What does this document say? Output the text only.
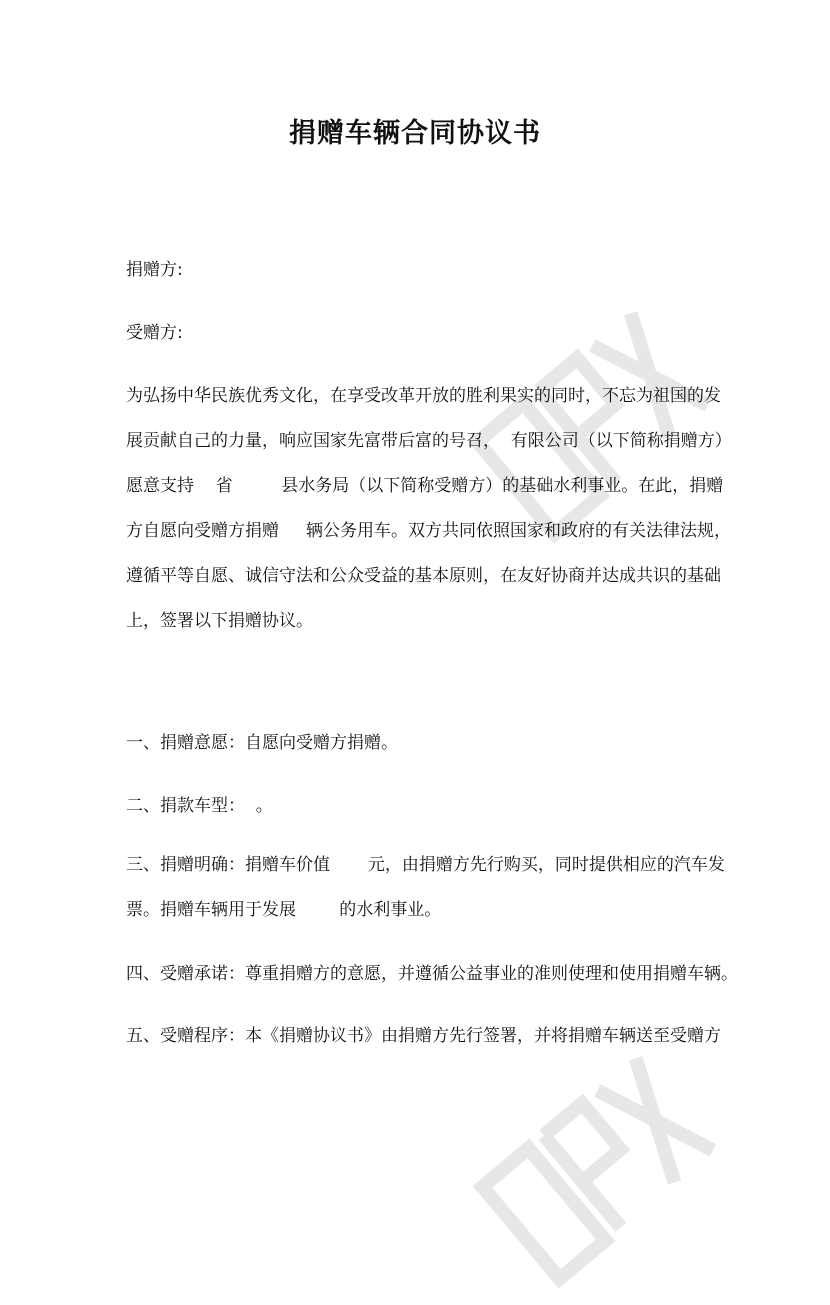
捐赠车辆合同协议书
捐赠方:
受赠方:
为弘扬中华民族优秀文化，在享受改革开放的胜利果实的同时，不忘为祖国的发
展贡献自己的力量，响应国家先富带后富的号召，  有限公司（以下简称捐赠方）
愿意支持    省         县水务局（以下简称受赠方）的基础水利事业。在此，捐赠
方自愿向受赠方捐赠     辆公务用车。双方共同依照国家和政府的有关法律法规，
遵循平等自愿、诚信守法和公众受益的基本原则，在友好协商并达成共识的基础
上，签署以下捐赠协议。
一、捐赠意愿：自愿向受赠方捐赠。
二、捐款车型：  。
三、捐赠明确：捐赠车价值       元，由捐赠方先行购买，同时提供相应的汽车发
票。捐赠车辆用于发展        的水利事业。
四、受赠承诺：尊重捐赠方的意愿，并遵循公益事业的准则使理和使用捐赠车辆。
五、受赠程序：本《捐赠协议书》由捐赠方先行签署，并将捐赠车辆送至受赠方
